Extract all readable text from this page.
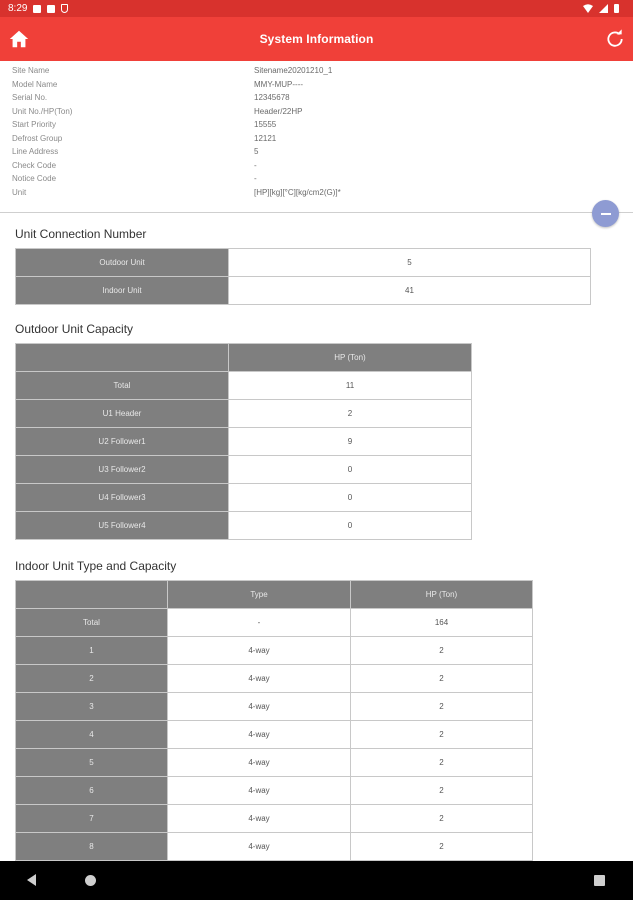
8:29
System Information
Site Name	Sitename20201210_1
Model Name	MMY-MUP----
Serial No.	12345678
Unit No./HP(Ton)	Header/22HP
Start Priority	15555
Defrost Group	12121
Line Address	5
Check Code	-
Notice Code	-
Unit	[HP][kg][°C][kg/cm2(G)]*
Unit Connection Number
Outdoor Unit	5
Indoor Unit	41
Outdoor Unit Capacity
	HP (Ton)
Total	11
U1 Header	2
U2 Follower1	9
U3 Follower2	0
U4 Follower3	0
U5 Follower4	0
Indoor Unit Type and Capacity
	Type	HP (Ton)
Total	-	164
1	4-way	2
2	4-way	2
3	4-way	2
4	4-way	2
5	4-way	2
6	4-way	2
7	4-way	2
8	4-way	2
